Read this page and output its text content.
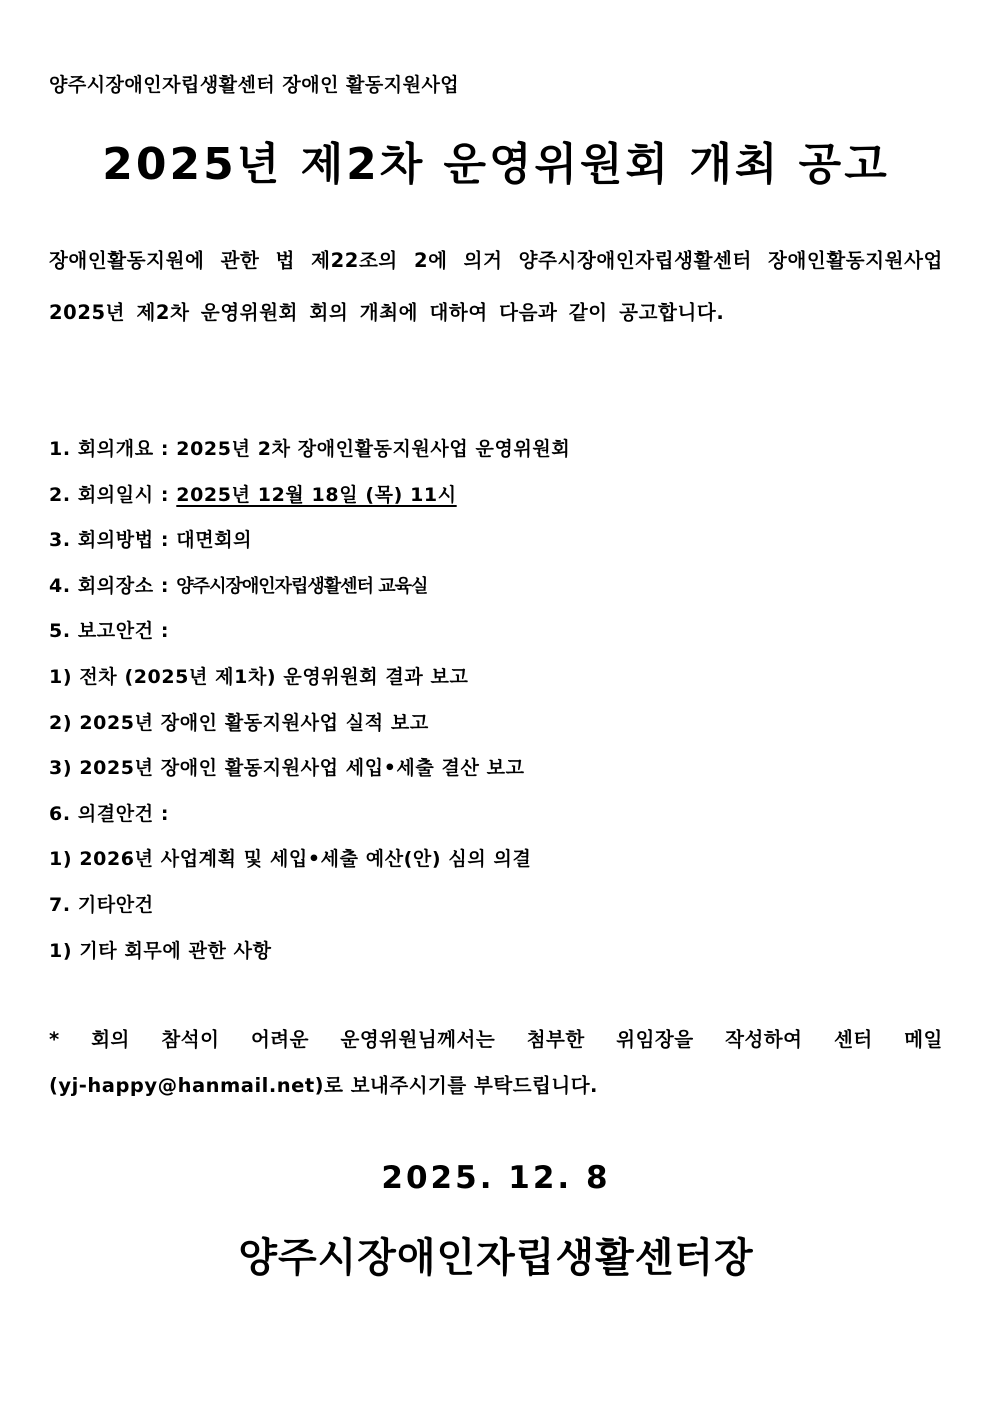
양주시장애인자립생활센터 장애인 활동지원사업
2025년 제2차 운영위원회 개최 공고
장애인활동지원에 관한 법 제22조의 2에 의거 양주시장애인자립생활센터 장애인활동지원사업 2025년 제2차 운영위원회 회의 개최에 대하여 다음과 같이 공고합니다.
1. 회의개요 : 2025년 2차 장애인활동지원사업 운영위원회
2. 회의일시 : 2025년 12월 18일 (목) 11시
3. 회의방법 : 대면회의
4. 회의장소 : 양주시장애인자립생활센터 교육실
5. 보고안건 :
1) 전차 (2025년 제1차) 운영위원회 결과 보고
2) 2025년 장애인 활동지원사업 실적 보고
3) 2025년 장애인 활동지원사업 세입•세출 결산 보고
6. 의결안건 :
1) 2026년 사업계획 및 세입•세출 예산(안) 심의 의결
7. 기타안건
1) 기타 회무에 관한 사항
* 회의 참석이 어려운 운영위원님께서는 첨부한 위임장을 작성하여 센터 메일
(yj-happy@hanmail.net)로 보내주시기를 부탁드립니다.
2025. 12. 8
양주시장애인자립생활센터장
